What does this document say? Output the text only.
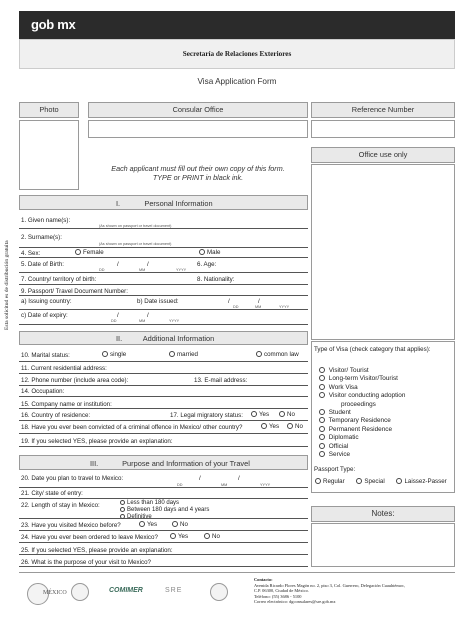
gob mx
Secretaría de Relaciones Exteriores
Visa Application Form
Esta solicitud es de distribución gratuita
Photo	Consular Office	Reference Number
Office use only
Each applicant must fill out their own copy of this form.
TYPE or PRINT in black ink.
I.	Personal Information
1. Given name(s):
(As shown on passport or travel document)
2. Surname(s):
(As shown on passport or travel document)
4. Sex:	Female	Male
5. Date of Birth:	/	/
DD	MM	YYYY
6. Age:
7. Country/ territory of birth:	8. Nationality:
9. Passport/ Travel Document Number:
a) Issuing country:	b) Date issued:	/	/
DD	MM	YYYY
c) Date of expiry:	/	/
DD	MM	YYYY
II.	Additional Information
10. Marital status:	single	married	common law
11. Current residential address:
12. Phone number (include area code):	13. E-mail address:
14. Occupation:
15. Company name or institution:
16. Country of residence:	17. Legal migratory status:	Yes	No
18. Have you ever been convicted of a criminal offence in Mexico/ other country?	Yes	No
19. If you selected YES, please provide an explanation:
III.	Purpose and Information of your Travel
20. Date you plan to travel to Mexico:	/	/
DD	MM	YYYY
21. City/ state of entry:
22. Length of stay in Mexico:	Less than 180 days
Between 180 days and 4 years
Definitive
23. Have you visited Mexico before?	Yes	No
24. Have you ever been ordered to leave Mexico?	Yes	No
25. If you selected YES, please provide an explanation:
26. What is the purpose of your visit to Mexico?
Type of Visa (check category that applies):
Visitor/ Tourist
Long-term Visitor/Tourist
Work Visa
Visitor conducting adoption
proceedings
Student
Temporary Residence
Permanent Residence
Diplomatic
Official
Service
Passport Type:
Regular	Special	Laissez-Passer
Notes:
MÉXICO	COMIMER	SRE
Contacto:
Avenida Ricardo Flores Magón no. 2, piso 3, Col. Guerrero, Delegación Cuauhtémoc,
C.P. 06300, Ciudad de México.
Teléfono: (55) 3686 - 5100
Correo electrónico: dgconsulares@sre.gob.mx
